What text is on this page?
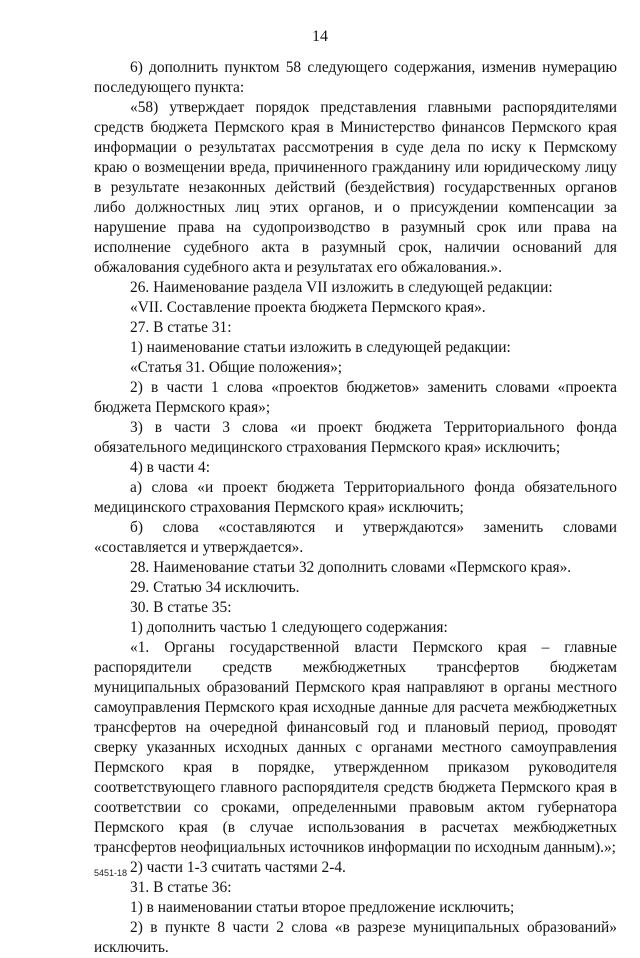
14

6) дополнить пунктом 58 следующего содержания, изменив нумерацию последующего пункта:

«58) утверждает порядок представления главными распорядителями средств бюджета Пермского края в Министерство финансов Пермского края информации о результатах рассмотрения в суде дела по иску к Пермскому краю о возмещении вреда, причиненного гражданину или юридическому лицу в результате незаконных действий (бездействия) государственных органов либо должностных лиц этих органов, и о присуждении компенсации за нарушение права на судопроизводство в разумный срок или права на исполнение судебного акта в разумный срок, наличии оснований для обжалования судебного акта и результатах его обжалования.».

26. Наименование раздела VII изложить в следующей редакции:

«VII. Составление проекта бюджета Пермского края».

27. В статье 31:

1) наименование статьи изложить в следующей редакции:

«Статья 31. Общие положения»;

2) в части 1 слова «проектов бюджетов» заменить словами «проекта бюджета Пермского края»;

3) в части 3 слова «и проект бюджета Территориального фонда обязательного медицинского страхования Пермского края» исключить;

4) в части 4:

а) слова «и проект бюджета Территориального фонда обязательного медицинского страхования Пермского края» исключить;

б) слова «составляются и утверждаются» заменить словами «составляется и утверждается».

28. Наименование статьи 32 дополнить словами «Пермского края».

29. Статью 34 исключить.

30. В статье 35:

1) дополнить частью 1 следующего содержания:

«1. Органы государственной власти Пермского края – главные распорядители средств межбюджетных трансфертов бюджетам муниципальных образований Пермского края направляют в органы местного самоуправления Пермского края исходные данные для расчета межбюджетных трансфертов на очередной финансовый год и плановый период, проводят сверку указанных исходных данных с органами местного самоуправления Пермского края в порядке, утвержденном приказом руководителя соответствующего главного распорядителя средств бюджета Пермского края в соответствии со сроками, определенными правовым актом губернатора Пермского края (в случае использования в расчетах межбюджетных трансфертов неофициальных источников информации по исходным данным).»;

2) части 1-3 считать частями 2-4.

31. В статье 36:

1) в наименовании статьи второе предложение исключить;

2) в пункте 8 части 2 слова «в разрезе муниципальных образований» исключить.

5451-18
